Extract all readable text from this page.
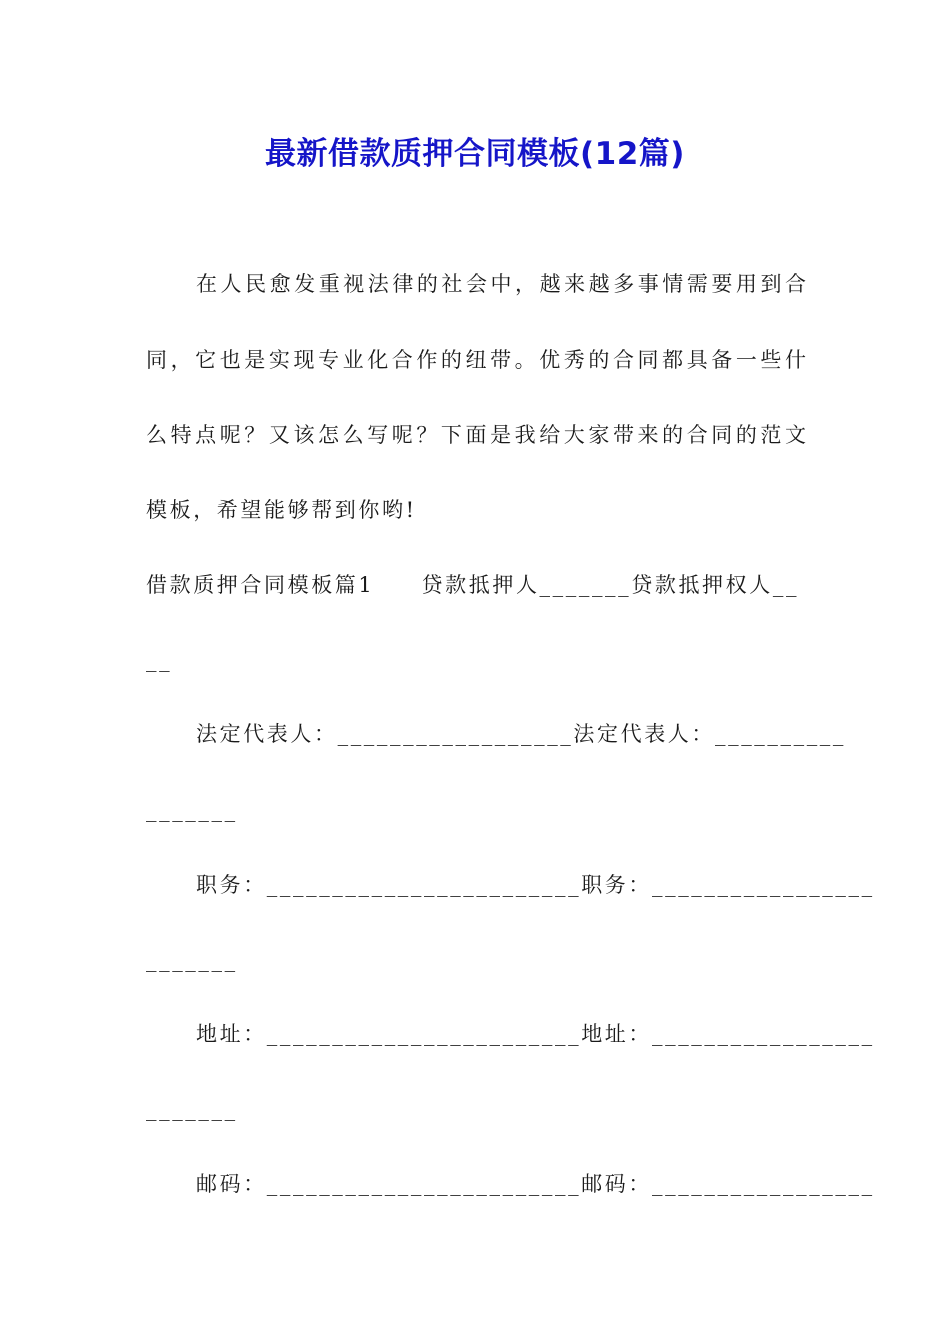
最新借款质押合同模板(12篇)
在人民愈发重视法律的社会中，越来越多事情需要用到合
同，它也是实现专业化合作的纽带。优秀的合同都具备一些什
么特点呢？又该怎么写呢？下面是我给大家带来的合同的范文
模板，希望能够帮到你哟!
借款质押合同模板篇1　　贷款抵押人_______贷款抵押权人__
__
法定代表人：__________________法定代表人：__________
_______
职务：________________________职务：_________________
_______
地址：________________________地址：_________________
_______
邮码：________________________邮码：_________________
